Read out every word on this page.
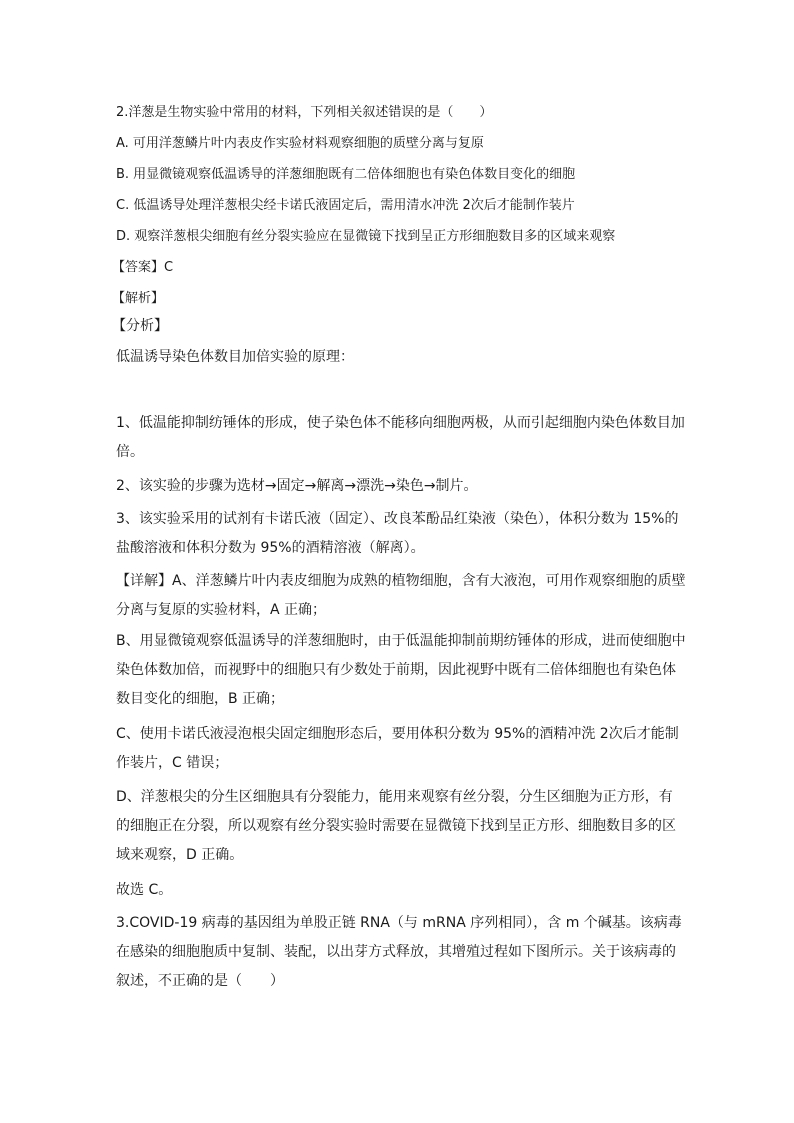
2.洋葱是生物实验中常用的材料，下列相关叙述错误的是（　　）
A. 可用洋葱鳞片叶内表皮作实验材料观察细胞的质壁分离与复原
B. 用显微镜观察低温诱导的洋葱细胞既有二倍体细胞也有染色体数目变化的细胞
C. 低温诱导处理洋葱根尖经卡诺氏液固定后，需用清水冲洗 2次后才能制作装片
D. 观察洋葱根尖细胞有丝分裂实验应在显微镜下找到呈正方形细胞数目多的区域来观察
【答案】C
【解析】
【分析】
低温诱导染色体数目加倍实验的原理：
1、低温能抑制纺锤体的形成，使子染色体不能移向细胞两极，从而引起细胞内染色体数目加倍。
2、该实验的步骤为选材→固定→解离→漂洗→染色→制片。
3、该实验采用的试剂有卡诺氏液（固定）、改良苯酚品红染液（染色），体积分数为 15%的盐酸溶液和体积分数为 95%的酒精溶液（解离）。
【详解】A、洋葱鳞片叶内表皮细胞为成熟的植物细胞，含有大液泡，可用作观察细胞的质壁分离与复原的实验材料，A 正确；
B、用显微镜观察低温诱导的洋葱细胞时，由于低温能抑制前期纺锤体的形成，进而使细胞中染色体数加倍，而视野中的细胞只有少数处于前期，因此视野中既有二倍体细胞也有染色体数目变化的细胞，B 正确；
C、使用卡诺氏液浸泡根尖固定细胞形态后，要用体积分数为 95%的酒精冲洗 2次后才能制作装片，C 错误；
D、洋葱根尖的分生区细胞具有分裂能力，能用来观察有丝分裂，分生区细胞为正方形，有的细胞正在分裂，所以观察有丝分裂实验时需要在显微镜下找到呈正方形、细胞数目多的区域来观察，D 正确。
故选 C。
3.COVID-19 病毒的基因组为单股正链 RNA（与 mRNA 序列相同），含 m 个碱基。该病毒在感染的细胞胞质中复制、装配，以出芽方式释放，其增殖过程如下图所示。关于该病毒的叙述，不正确的是（　　）
